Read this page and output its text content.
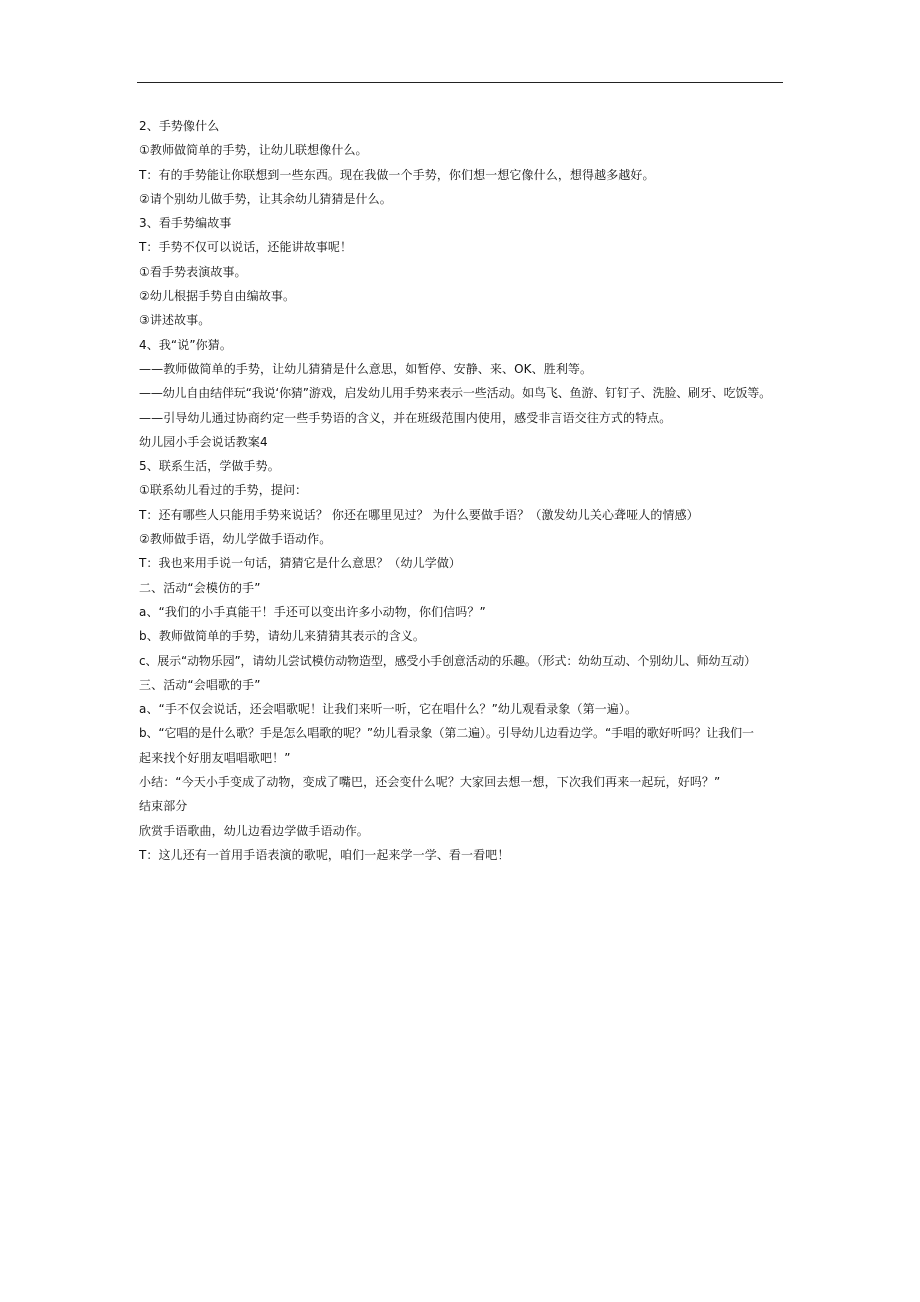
2、手势像什么
①教师做简单的手势，让幼儿联想像什么。
T：有的手势能让你联想到一些东西。现在我做一个手势，你们想一想它像什么，想得越多越好。
②请个别幼儿做手势，让其余幼儿猜猜是什么。
3、看手势编故事
T：手势不仅可以说话，还能讲故事呢！
①看手势表演故事。
②幼儿根据手势自由编故事。
③讲述故事。
4、我“说”你猜。
——教师做简单的手势，让幼儿猜猜是什么意思，如暂停、安静、来、OK、胜利等。
——幼儿自由结伴玩“我说‘你猜”游戏，启发幼儿用手势来表示一些活动。如鸟飞、鱼游、钉钉子、洗脸、刷牙、吃饭等。
——引导幼儿通过协商约定一些手势语的含义，并在班级范围内使用，感受非言语交往方式的特点。
幼儿园小手会说话教案4
5、联系生活，学做手势。
①联系幼儿看过的手势，提问：
T：还有哪些人只能用手势来说话？ 你还在哪里见过？ 为什么要做手语？（激发幼儿关心聋哑人的情感）
②教师做手语，幼儿学做手语动作。
T：我也来用手说一句话，猜猜它是什么意思？（幼儿学做）
二、活动“会模仿的手”
a、“我们的小手真能干！手还可以变出许多小动物，你们信吗？”
b、教师做简单的手势，请幼儿来猜猜其表示的含义。
c、展示“动物乐园”，请幼儿尝试模仿动物造型，感受小手创意活动的乐趣。（形式：幼幼互动、个别幼儿、师幼互动）
三、活动“会唱歌的手”
a、“手不仅会说话，还会唱歌呢！让我们来听一听，它在唱什么？”幼儿观看录象（第一遍）。
b、“它唱的是什么歌？手是怎么唱歌的呢？”幼儿看录象（第二遍）。引导幼儿边看边学。“手唱的歌好听吗？让我们一
起来找个好朋友唱唱歌吧！”
小结：“今天小手变成了动物，变成了嘴巴，还会变什么呢？大家回去想一想，下次我们再来一起玩，好吗？”
结束部分
欣赏手语歌曲，幼儿边看边学做手语动作。
T：这儿还有一首用手语表演的歌呢，咱们一起来学一学、看一看吧！
